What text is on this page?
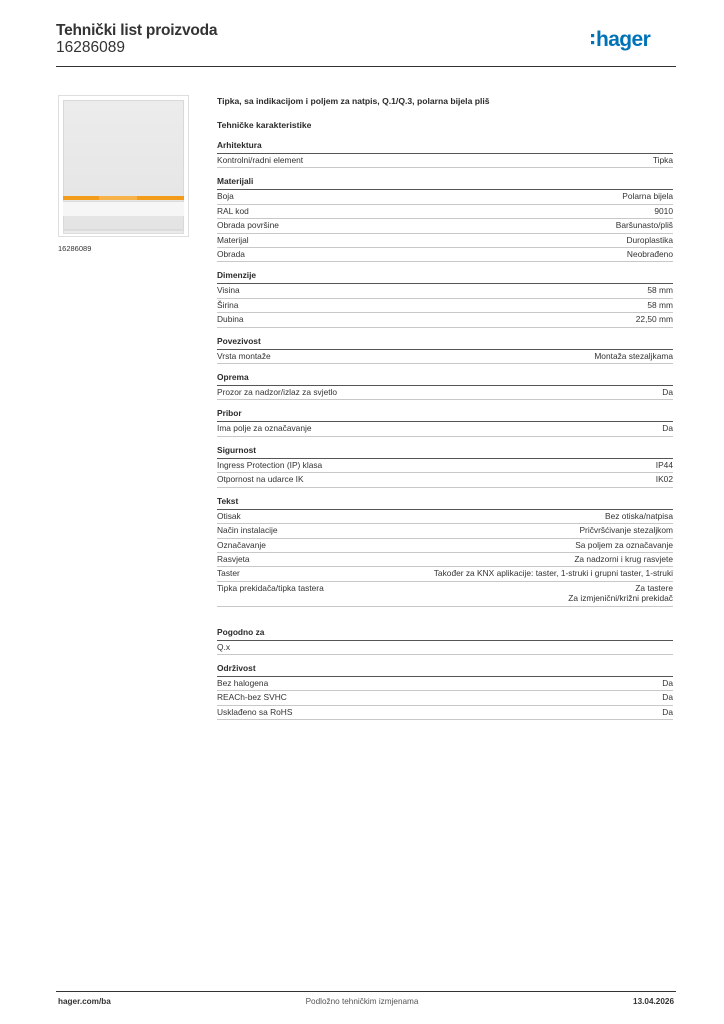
Tehnički list proizvoda
16286089	hager
16286089
Tipka, sa indikacijom i poljem za natpis, Q.1/Q.3, polarna bijela pliš
Tehničke karakteristike
Arhitektura
Kontrolni/radni element	Tipka
Materijali
Boja	Polarna bijela
RAL kod	9010
Obrada površine	Baršunasto/pliš
Materijal	Duroplastika
Obrada	Neobrađeno
Dimenzije
Visina	58 mm
Širina	58 mm
Dubina	22,50 mm
Povezivost
Vrsta montaže	Montaža stezaljkama
Oprema
Prozor za nadzor/izlaz za svjetlo	Da
Pribor
Ima polje za označavanje	Da
Sigurnost
Ingress Protection (IP) klasa	IP44
Otpornost na udarce IK	IK02
Tekst
Otisak	Bez otiska/natpisa
Način instalacije	Pričvršćivanje stezaljkom
Označavanje	Sa poljem za označavanje
Rasvjeta	Za nadzorni i krug rasvjete
Taster	Također za KNX aplikacije: taster, 1-struki i grupni taster, 1-struki
Tipka prekidača/tipka tastera	Za tastere
Za izmjenični/križni prekidač
Pogodno za
Q.x
Održivost
Bez halogena	Da
REACh-bez SVHC	Da
Usklađeno sa RoHS	Da
hager.com/ba	Podložno tehničkim izmjenama	13.04.2026
